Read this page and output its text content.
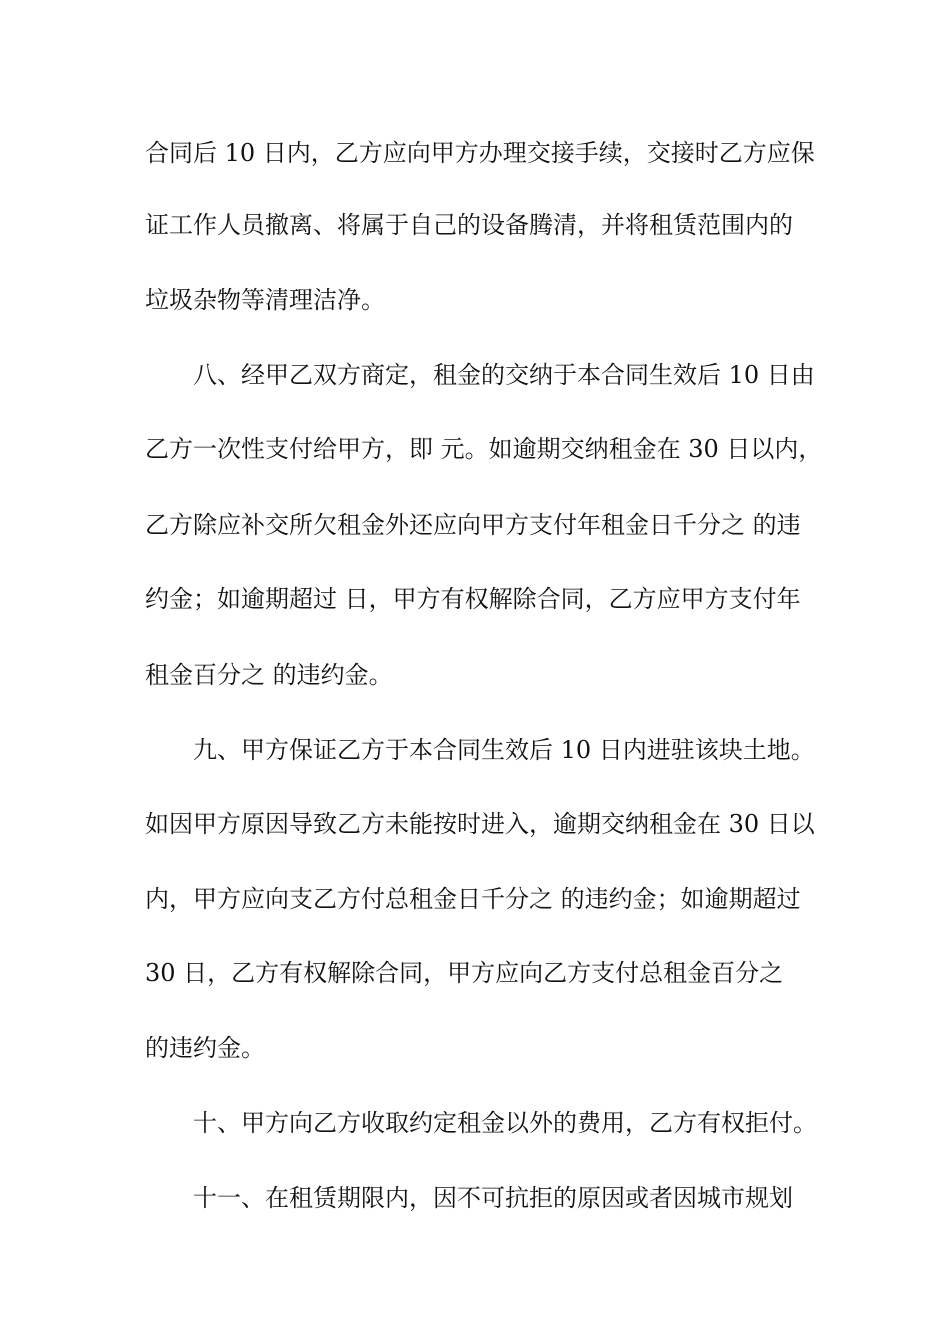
合同后 10 日内，乙方应向甲方办理交接手续，交接时乙方应保
证工作人员撤离、将属于自己的设备腾清，并将租赁范围内的
垃圾杂物等清理洁净。
八、经甲乙双方商定，租金的交纳于本合同生效后 10 日由
乙方一次性支付给甲方，即 元。如逾期交纳租金在 30 日以内，
乙方除应补交所欠租金外还应向甲方支付年租金日千分之 的违
约金；如逾期超过 日，甲方有权解除合同，乙方应甲方支付年
租金百分之 的违约金。
九、甲方保证乙方于本合同生效后 10 日内进驻该块土地。
如因甲方原因导致乙方未能按时进入，逾期交纳租金在 30 日以
内，甲方应向支乙方付总租金日千分之 的违约金；如逾期超过
30 日，乙方有权解除合同，甲方应向乙方支付总租金百分之
的违约金。
十、甲方向乙方收取约定租金以外的费用，乙方有权拒付。
十一、在租赁期限内，因不可抗拒的原因或者因城市规划
